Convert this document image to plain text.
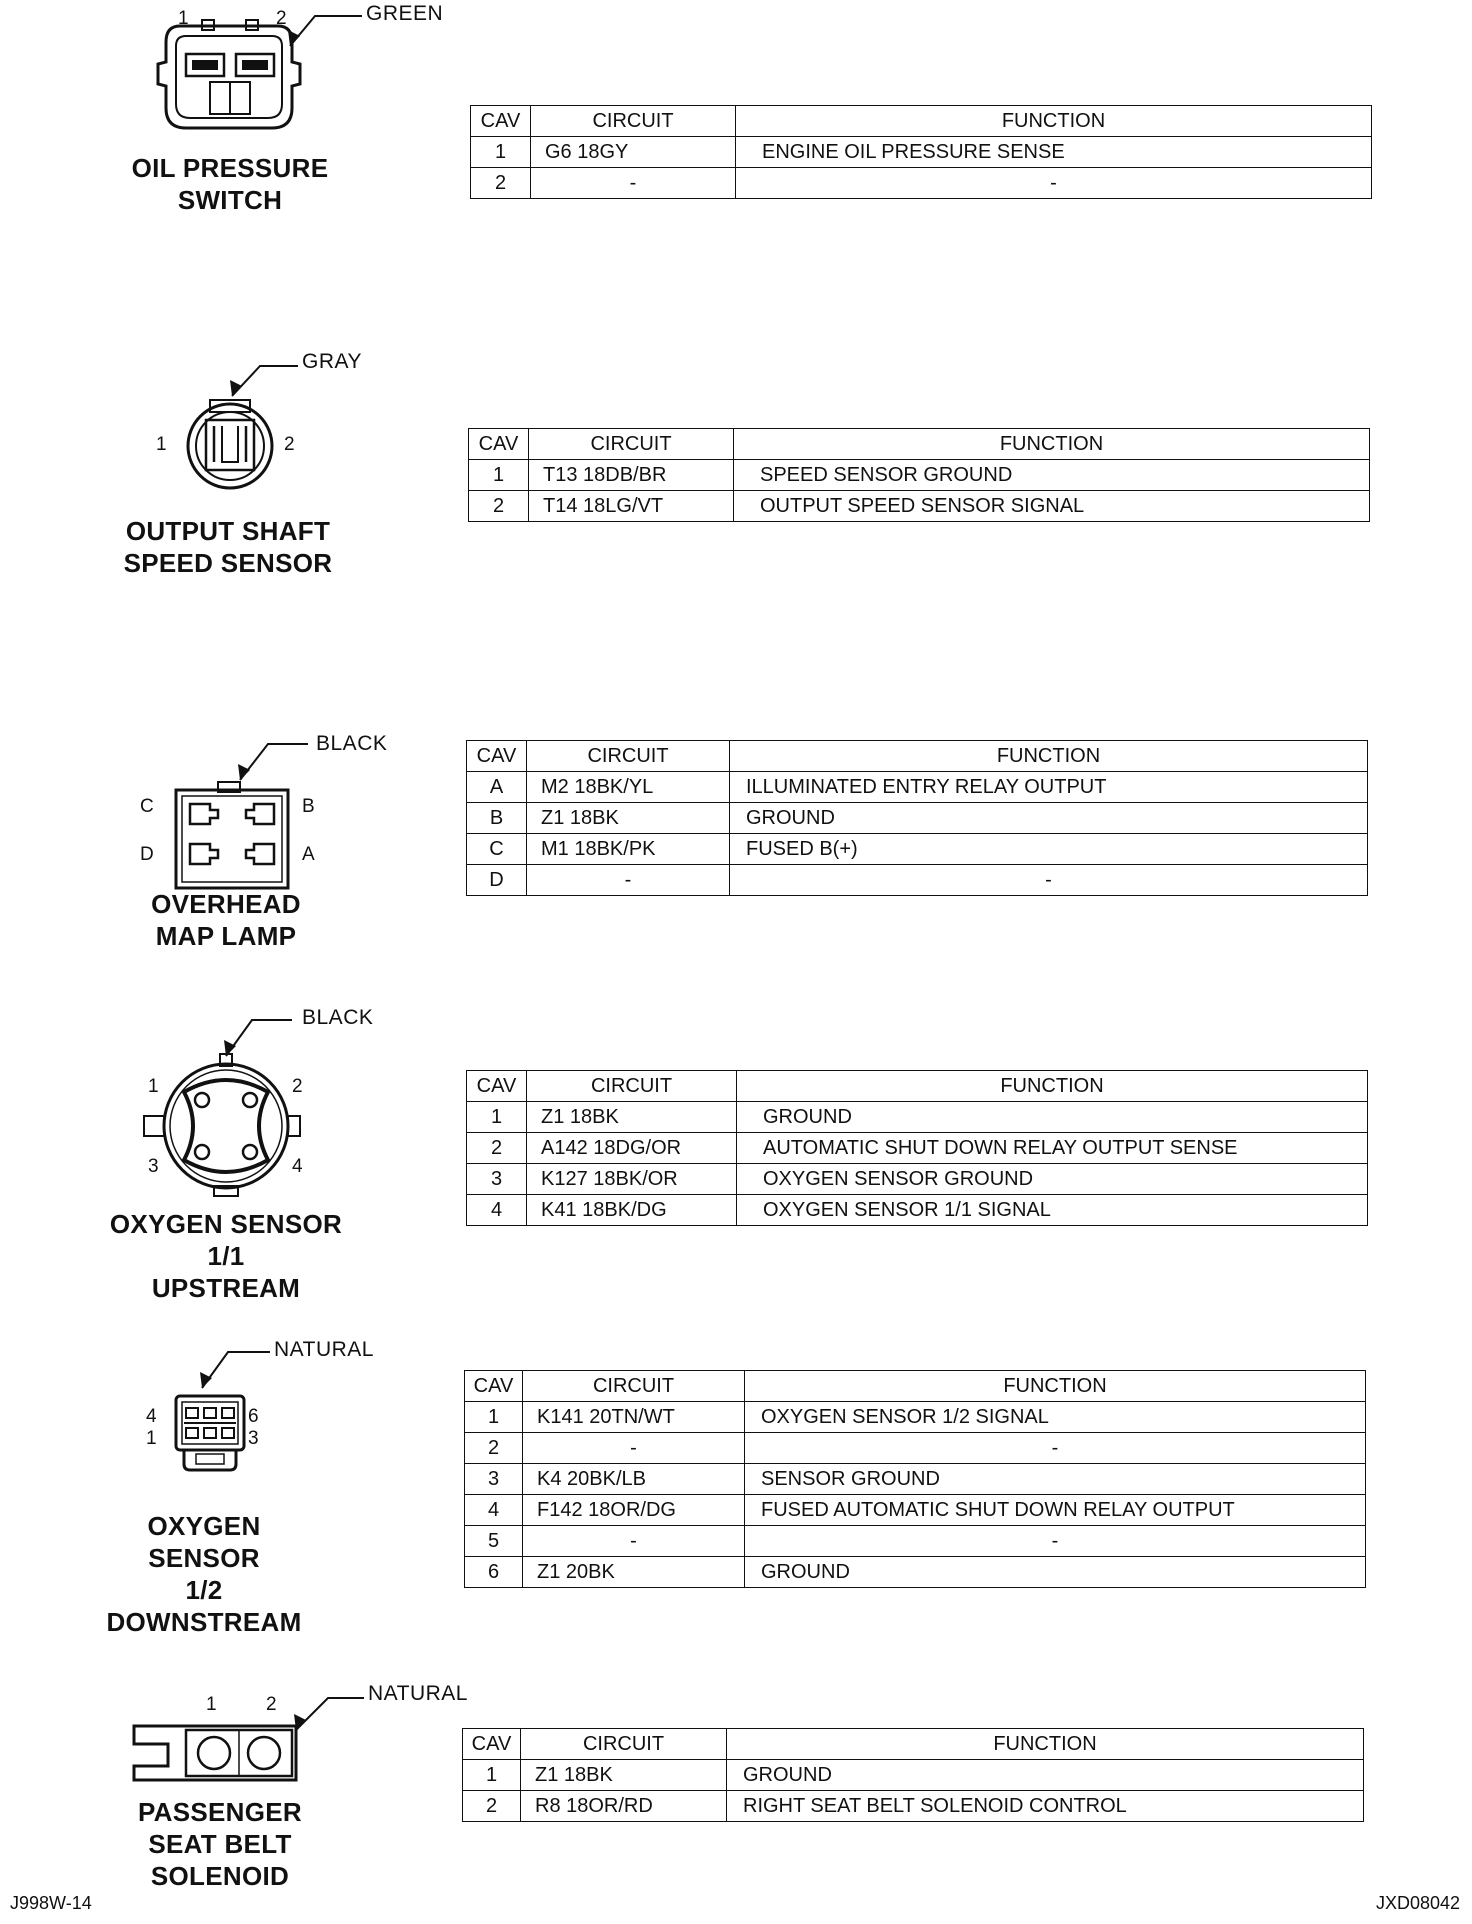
1	2	GREEN
OIL PRESSURE
SWITCH
CAV	CIRCUIT	FUNCTION
1	G6 18GY	ENGINE OIL PRESSURE SENSE
2	-	-
GRAY
1	2
OUTPUT SHAFT
SPEED SENSOR
CAV	CIRCUIT	FUNCTION
1	T13 18DB/BR	SPEED SENSOR GROUND
2	T14 18LG/VT	OUTPUT SPEED SENSOR SIGNAL
BLACK
C	B
D	A
OVERHEAD
MAP LAMP
CAV	CIRCUIT	FUNCTION
A	M2 18BK/YL	ILLUMINATED ENTRY RELAY OUTPUT
B	Z1 18BK	GROUND
C	M1 18BK/PK	FUSED B(+)
D	-	-
BLACK
1	2
3	4
OXYGEN SENSOR
1/1
UPSTREAM
CAV	CIRCUIT	FUNCTION
1	Z1 18BK	GROUND
2	A142 18DG/OR	AUTOMATIC SHUT DOWN RELAY OUTPUT SENSE
3	K127 18BK/OR	OXYGEN SENSOR GROUND
4	K41 18BK/DG	OXYGEN SENSOR 1/1 SIGNAL
NATURAL
4	6
1	3
OXYGEN
SENSOR
1/2
DOWNSTREAM
CAV	CIRCUIT	FUNCTION
1	K141 20TN/WT	OXYGEN SENSOR 1/2 SIGNAL
2	-	-
3	K4 20BK/LB	SENSOR GROUND
4	F142 18OR/DG	FUSED AUTOMATIC SHUT DOWN RELAY OUTPUT
5	-	-
6	Z1 20BK	GROUND
1	2	NATURAL
PASSENGER
SEAT BELT
SOLENOID
CAV	CIRCUIT	FUNCTION
1	Z1 18BK	GROUND
2	R8 18OR/RD	RIGHT SEAT BELT SOLENOID CONTROL
J998W-14	JXD08042
